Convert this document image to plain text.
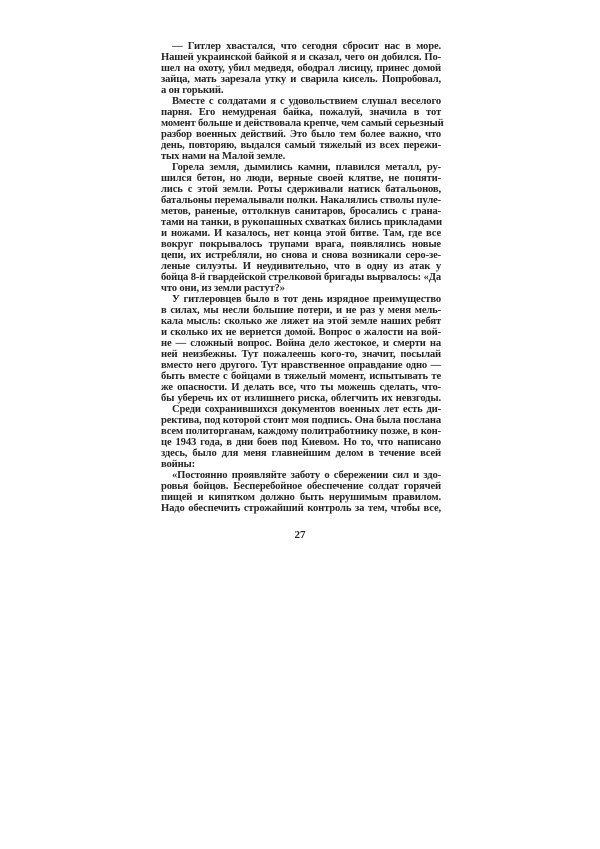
— Гитлер хвастался, что сегодня сбросит нас в море.
Нашей украинской байкой я и сказал, чего он добился. По-
шел на охоту, убил медведя, ободрал лисицу, принес домой
зайца, мать зарезала утку и сварила кисель. Попробовал,
а он горький.
Вместе с солдатами я с удовольствием слушал веселого
парня. Его немудреная байка, пожалуй, значила в тот
момент больше и действовала крепче, чем самый серьезный
разбор военных действий. Это было тем более важно, что
день, повторяю, выдался самый тяжелый из всех пережи-
тых нами на Малой земле.
Горела земля, дымились камни, плавился металл, ру-
шился бетон, но люди, верные своей клятве, не попяти-
лись с этой земли. Роты сдерживали натиск батальонов,
батальоны перемалывали полки. Накалялись стволы пуле-
метов, раненые, оттолкнув санитаров, бросались с грана-
тами на танки, в рукопашных схватках бились прикладами
и ножами. И казалось, нет конца этой битве. Там, где все
вокруг покрывалось трупами врага, появлялись новые
цепи, их истребляли, но снова и снова возникали серо-зе-
леные силуэты. И неудивительно, что в одну из атак у
бойца 8-й гвардейской стрелковой бригады вырвалось: «Да
что они, из земли растут?»
У гитлеровцев было в тот день изрядное преимущество
в силах, мы несли большие потери, и не раз у меня мель-
кала мысль: сколько же ляжет на этой земле наших ребят
и сколько их не вернется домой. Вопрос о жалости на вой-
не — сложный вопрос. Война дело жестокое, и смерти на
ней неизбежны. Тут пожалеешь кого-то, значит, посылай
вместо него другого. Тут нравственное оправдание одно —
быть вместе с бойцами в тяжелый момент, испытывать те
же опасности. И делать все, что ты можешь сделать, что-
бы уберечь их от излишнего риска, облегчить их невзгоды.
Среди сохранившихся документов военных лет есть ди-
ректива, под которой стоит моя подпись. Она была послана
всем политорганам, каждому политработнику позже, в кон-
це 1943 года, в дни боев под Киевом. Но то, что написано
здесь, было для меня главнейшим делом в течение всей
войны:
«Постоянно проявляйте заботу о сбережении сил и здо-
ровья бойцов. Бесперебойное обеспечение солдат горячей
пищей и кипятком должно быть нерушимым правилом.
Надо обеспечить строжайший контроль за тем, чтобы все,
27
